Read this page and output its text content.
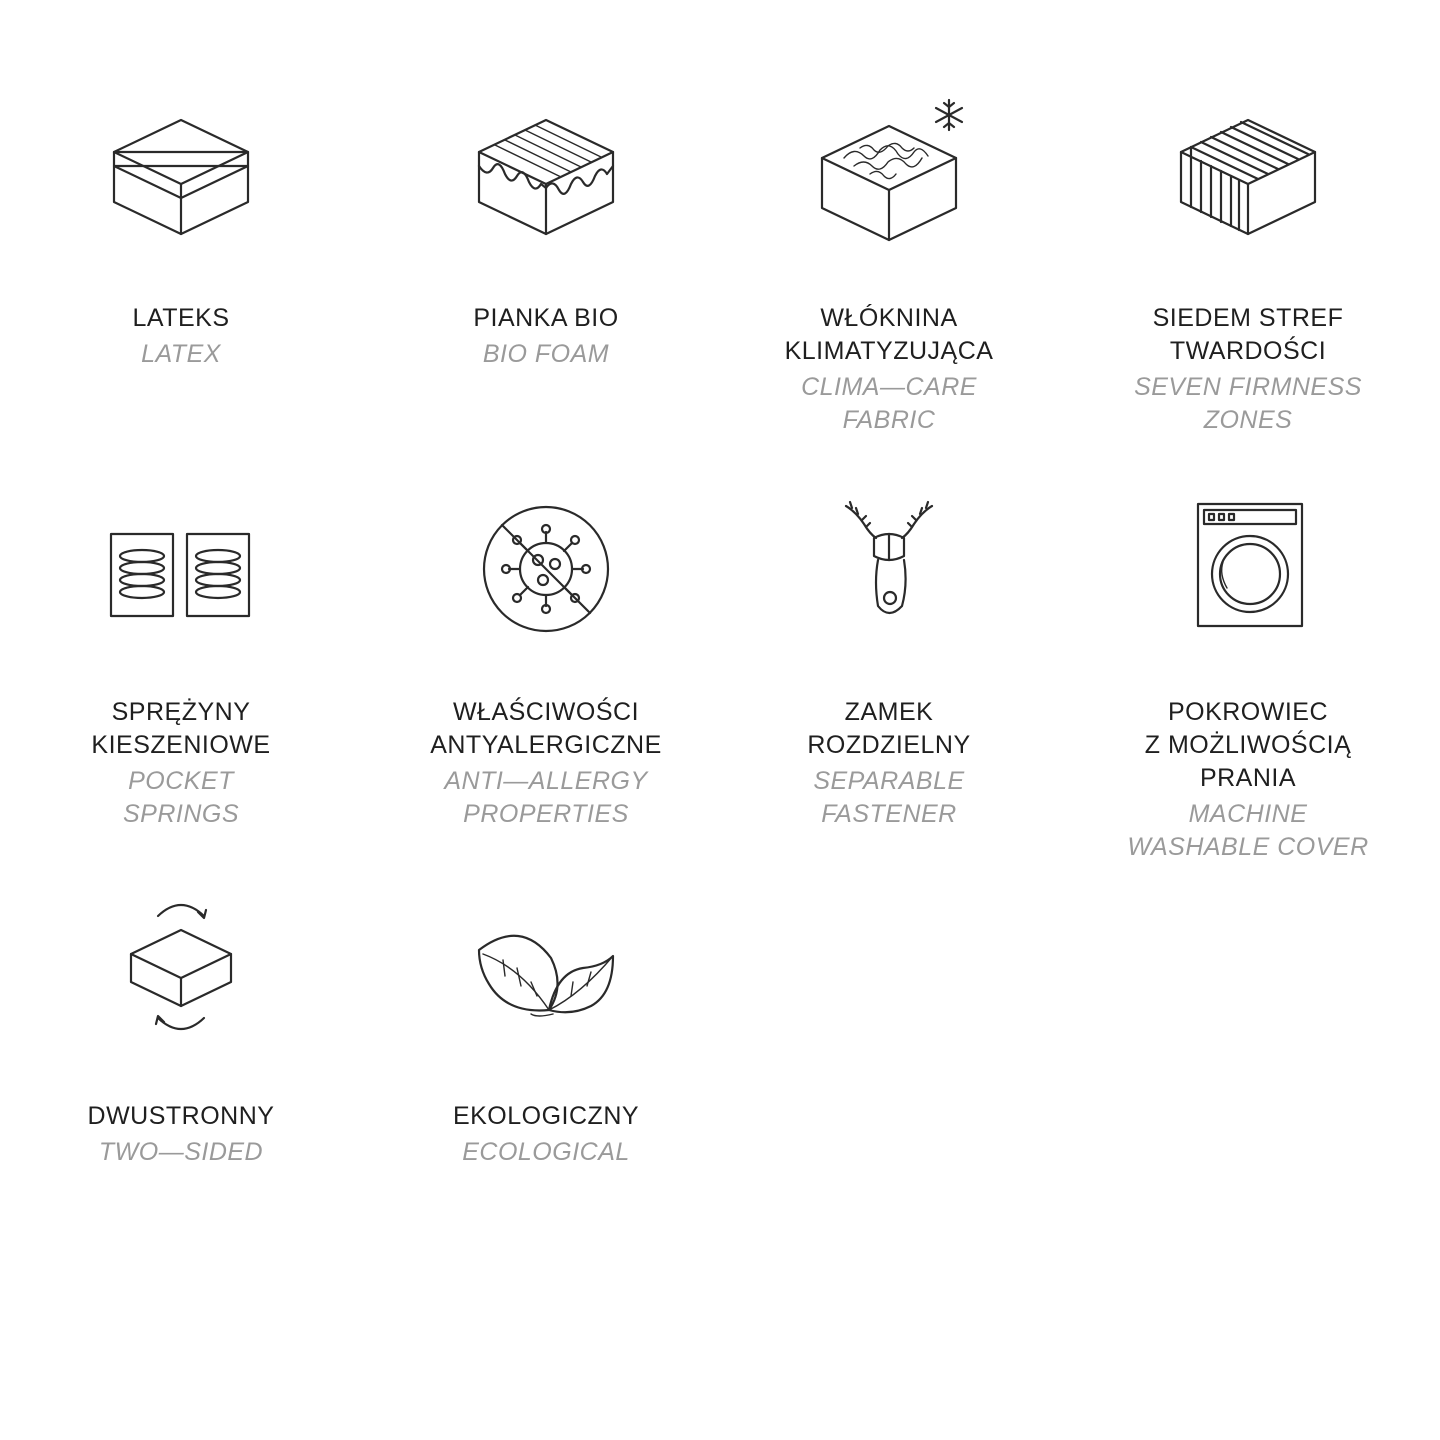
LATEKS
LATEX
PIANKA BIO
BIO FOAM
WŁÓKNINA
KLIMATYZUJĄCA
CLIMA—CARE
FABRIC
SIEDEM STREF
TWARDOŚCI
SEVEN FIRMNESS
ZONES
SPRĘŻYNY
KIESZENIOWE
POCKET
SPRINGS
WŁAŚCIWOŚCI
ANTYALERGICZNE
ANTI—ALLERGY
PROPERTIES
ZAMEK
ROZDZIELNY
SEPARABLE
FASTENER
POKROWIEC
Z MOŻLIWOŚCIĄ
PRANIA
MACHINE
WASHABLE COVER
DWUSTRONNY
TWO—SIDED
EKOLOGICZNY
ECOLOGICAL
